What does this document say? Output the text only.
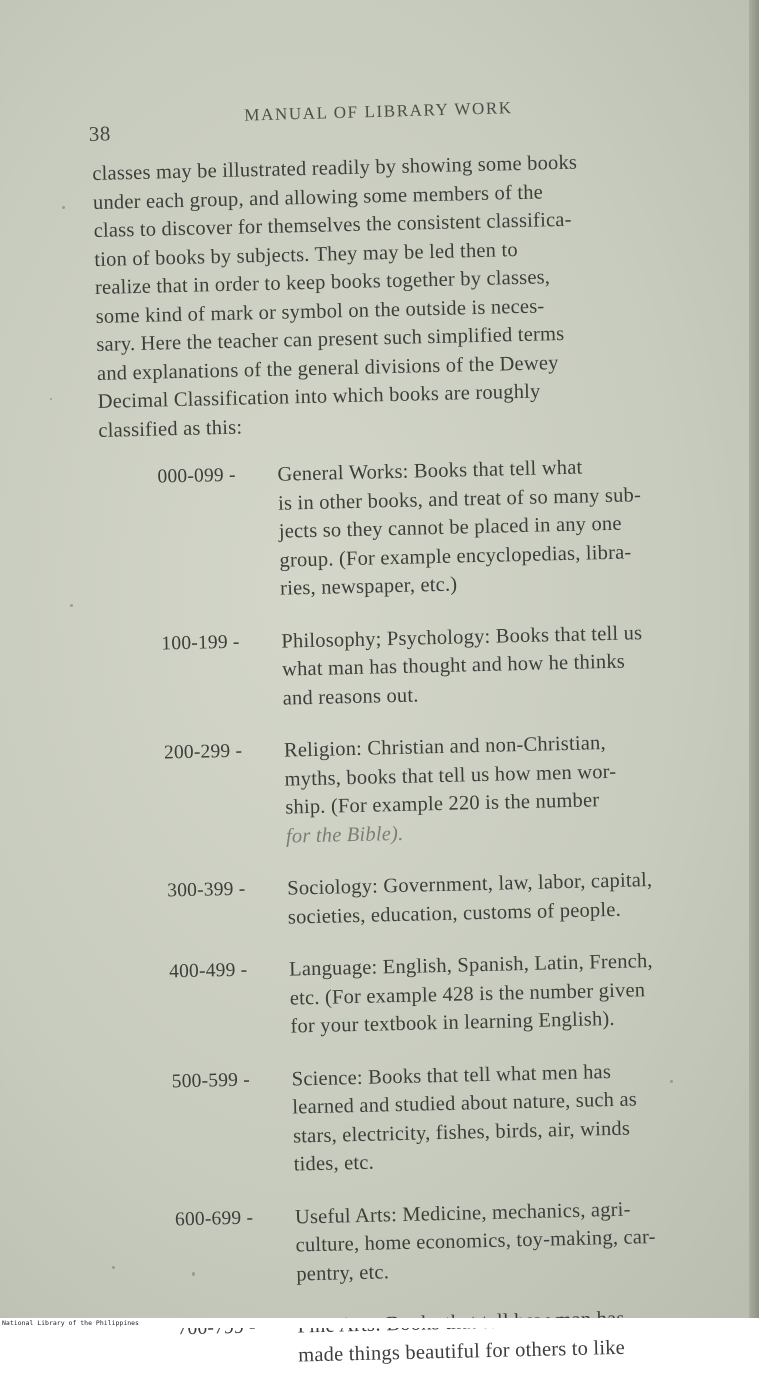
38
MANUAL OF LIBRARY WORK

classes may be illustrated readily by showing some books
under each group, and allowing some members of the
class to discover for themselves the consistent classifica-
tion of books by subjects. They may be led then to
realize that in order to keep books together by classes,
some kind of mark or symbol on the outside is neces-
sary. Here the teacher can present such simplified terms
and explanations of the general divisions of the Dewey
Decimal Classification into which books are roughly
classified as this:

000-099 -	General Works: Books that tell what
is in other books, and treat of so many sub-
jects so they cannot be placed in any one
group. (For example encyclopedias, libra-
ries, newspaper, etc.)
100-199 -	Philosophy; Psychology: Books that tell us
what man has thought and how he thinks
and reasons out.
200-299 -	Religion: Christian and non-Christian,
myths, books that tell us how men wor-
ship. (For example 220 is the number
for the Bible).
300-399 -	Sociology: Government, law, labor, capital,
societies, education, customs of people.
400-499 -	Language: English, Spanish, Latin, French,
etc. (For example 428 is the number given
for your textbook in learning English).
500-599 -	Science: Books that tell what men has
learned and studied about nature, such as
stars, electricity, fishes, birds, air, winds
tides, etc.
600-699 -	Useful Arts: Medicine, mechanics, agri-
culture, home economics, toy-making, car-
pentry, etc.
made things beautiful for others to like
National Library of the Philippines
